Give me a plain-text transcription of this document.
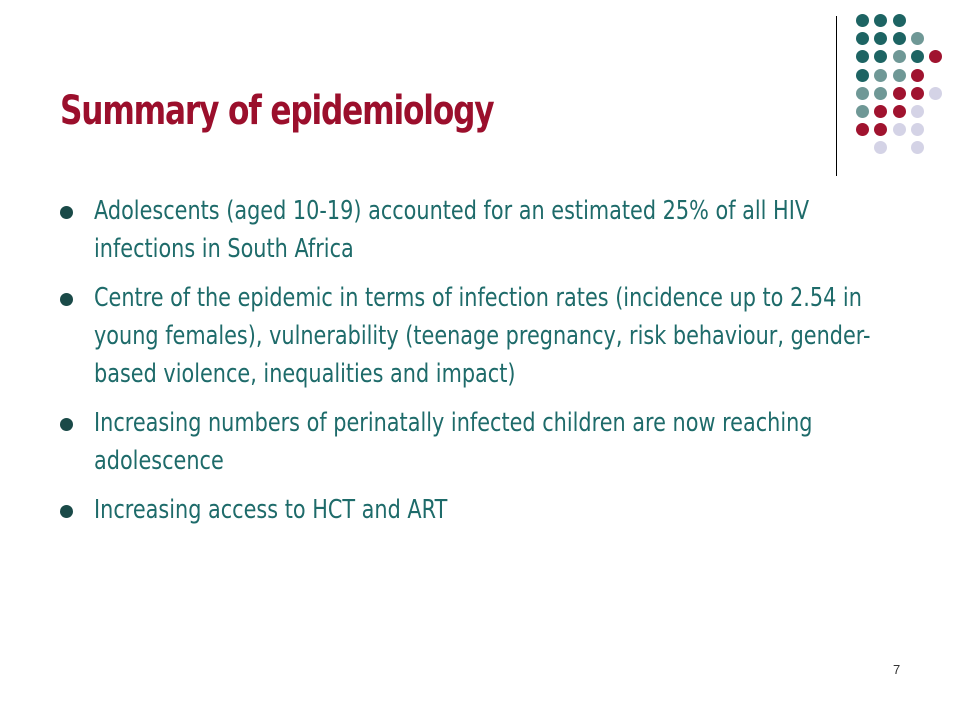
Summary of epidemiology
Adolescents (aged 10-19) accounted for an estimated 25% of all HIV infections in South Africa
Centre of the epidemic in terms of infection rates (incidence up to 2.54 in young females), vulnerability (teenage pregnancy, risk behaviour, gender-based violence, inequalities and impact)
Increasing numbers of perinatally infected children are now reaching adolescence
Increasing access to HCT and ART
7
